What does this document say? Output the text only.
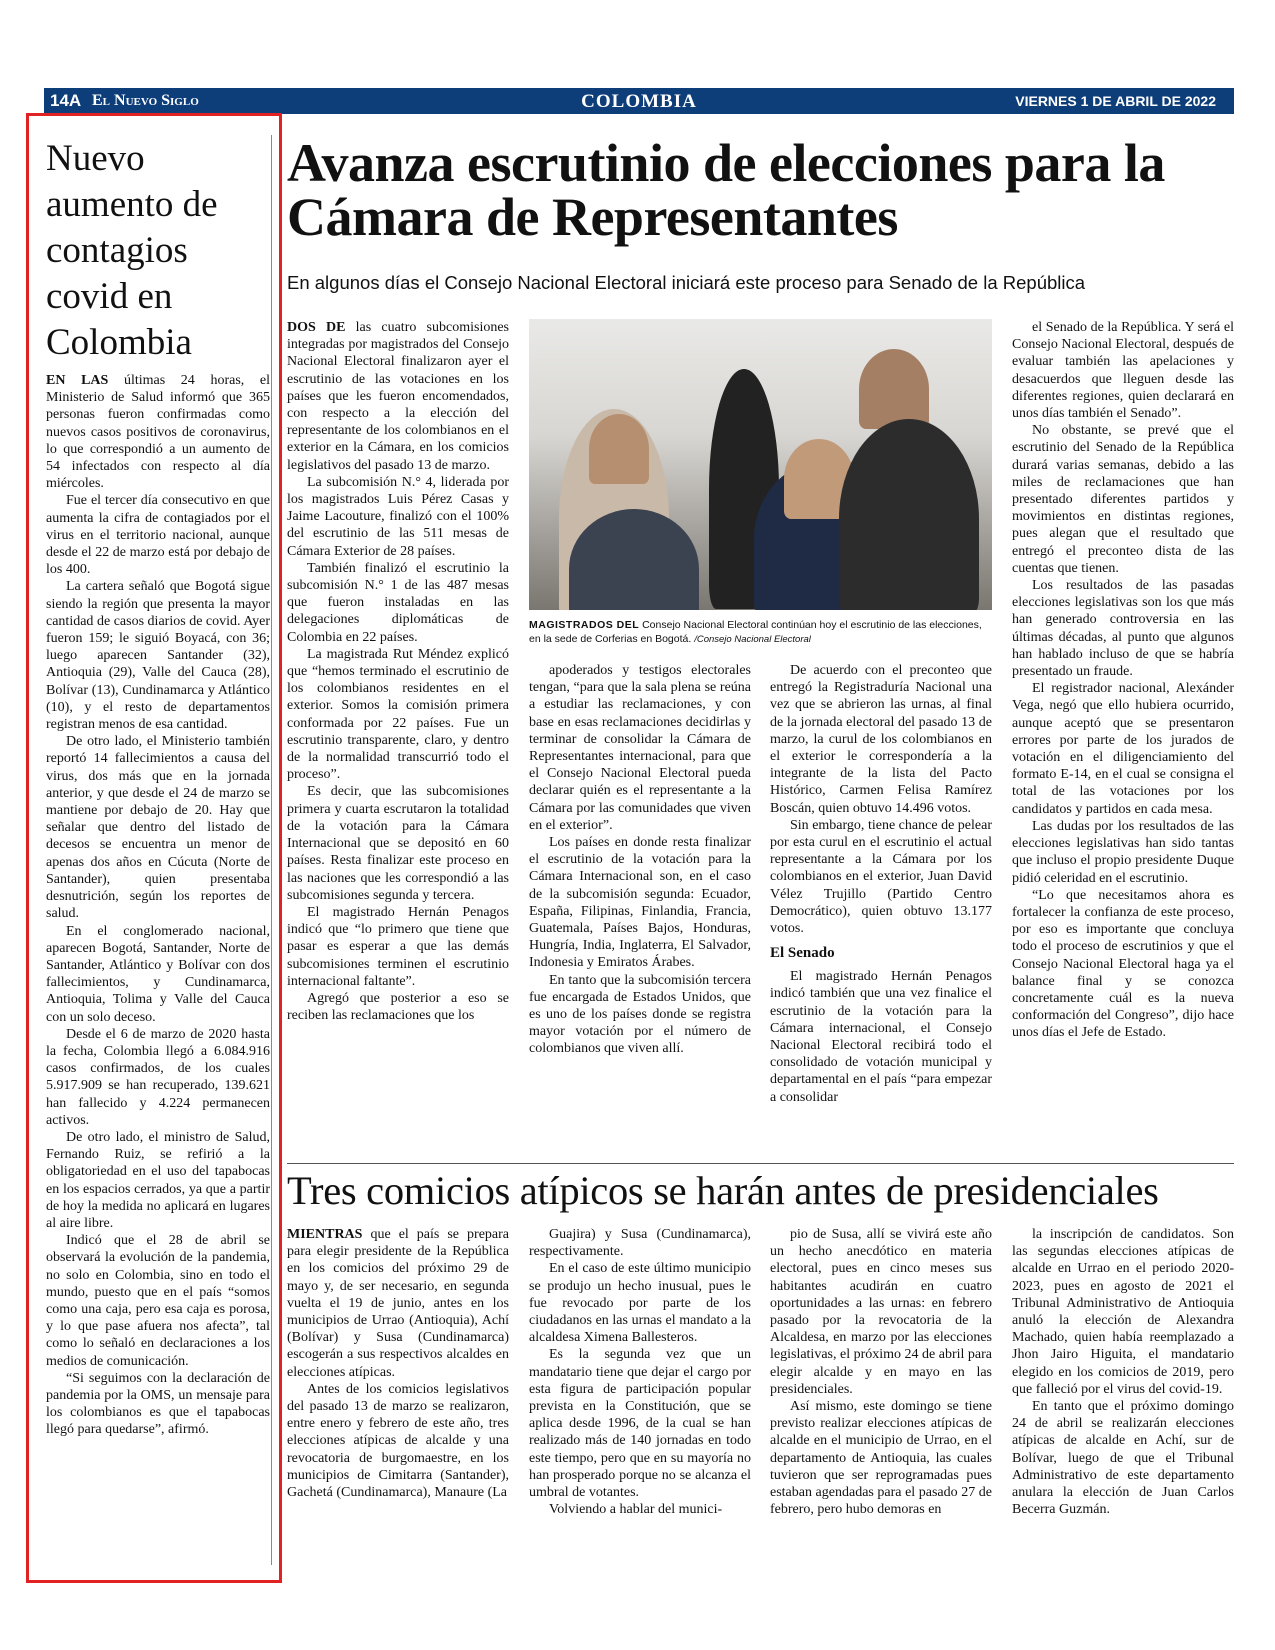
14A El Nuevo Siglo	COLOMBIA	VIERNES 1 DE ABRIL DE 2022
Nuevo aumento de contagios covid en Colombia

EN LAS últimas 24 horas, el Ministerio de Salud informó que 365 personas fueron confirmadas como nuevos casos positivos de coronavirus, lo que correspondió a un aumento de 54 infectados con respecto al día miércoles.

Fue el tercer día consecutivo en que aumenta la cifra de contagiados por el virus en el territorio nacional, aunque desde el 22 de marzo está por debajo de los 400.

La cartera señaló que Bogotá sigue siendo la región que presenta la mayor cantidad de casos diarios de covid. Ayer fueron 159; le siguió Boyacá, con 36; luego aparecen Santander (32), Antioquia (29), Valle del Cauca (28), Bolívar (13), Cundinamarca y Atlántico (10), y el resto de departamentos registran menos de esa cantidad.

De otro lado, el Ministerio también reportó 14 fallecimientos a causa del virus, dos más que en la jornada anterior, y que desde el 24 de marzo se mantiene por debajo de 20. Hay que señalar que dentro del listado de decesos se encuentra un menor de apenas dos años en Cúcuta (Norte de Santander), quien presentaba desnutrición, según los reportes de salud.

En el conglomerado nacional, aparecen Bogotá, Santander, Norte de Santander, Atlántico y Bolívar con dos fallecimientos, y Cundinamarca, Antioquia, Tolima y Valle del Cauca con un solo deceso.

Desde el 6 de marzo de 2020 hasta la fecha, Colombia llegó a 6.084.916 casos confirmados, de los cuales 5.917.909 se han recuperado, 139.621 han fallecido y 4.224 permanecen activos.

De otro lado, el ministro de Salud, Fernando Ruiz, se refirió a la obligatoriedad en el uso del tapabocas en los espacios cerrados, ya que a partir de hoy la medida no aplicará en lugares al aire libre.

Indicó que el 28 de abril se observará la evolución de la pandemia, no solo en Colombia, sino en todo el mundo, puesto que en el país “somos como una caja, pero esa caja es porosa, y lo que pase afuera nos afecta”, tal como lo señaló en declaraciones a los medios de comunicación.

“Si seguimos con la declaración de pandemia por la OMS, un mensaje para los colombianos es que el tapabocas llegó para quedarse”, afirmó.

Avanza escrutinio de elecciones para la Cámara de Representantes
En algunos días el Consejo Nacional Electoral iniciará este proceso para Senado de la República

DOS DE las cuatro subcomisiones integradas por magistrados del Consejo Nacional Electoral finalizaron ayer el escrutinio de las votaciones en los países que les fueron encomendados, con respecto a la elección del representante de los colombianos en el exterior en la Cámara, en los comicios legislativos del pasado 13 de marzo.

La subcomisión N.° 4, liderada por los magistrados Luis Pérez Casas y Jaime Lacouture, finalizó con el 100% del escrutinio de las 511 mesas de Cámara Exterior de 28 países.

También finalizó el escrutinio la subcomisión N.° 1 de las 487 mesas que fueron instaladas en las delegaciones diplomáticas de Colombia en 22 países.

La magistrada Rut Méndez explicó que “hemos terminado el escrutinio de los colombianos residentes en el exterior. Somos la comisión primera conformada por 22 países. Fue un escrutinio transparente, claro, y dentro de la normalidad transcurrió todo el proceso”.

Es decir, que las subcomisiones primera y cuarta escrutaron la totalidad de la votación para la Cámara Internacional que se depositó en 60 países. Resta finalizar este proceso en las naciones que les correspondió a las subcomisiones segunda y tercera.

El magistrado Hernán Penagos indicó que “lo primero que tiene que pasar es esperar a que las demás subcomisiones terminen el escrutinio internacional faltante”.

Agregó que posterior a eso se reciben las reclamaciones que los

MAGISTRADOS DEL Consejo Nacional Electoral continúan hoy el escrutinio de las elecciones, en la sede de Corferias en Bogotá. /Consejo Nacional Electoral

apoderados y testigos electorales tengan, “para que la sala plena se reúna a estudiar las reclamaciones, y con base en esas reclamaciones decidirlas y terminar de consolidar la Cámara de Representantes internacional, para que el Consejo Nacional Electoral pueda declarar quién es el representante a la Cámara por las comunidades que viven en el exterior”.

Los países en donde resta finalizar el escrutinio de la votación para la Cámara Internacional son, en el caso de la subcomisión segunda: Ecuador, España, Filipinas, Finlandia, Francia, Guatemala, Países Bajos, Honduras, Hungría, India, Inglaterra, El Salvador, Indonesia y Emiratos Árabes.

En tanto que la subcomisión tercera fue encargada de Estados Unidos, que es uno de los países donde se registra mayor votación por el número de colombianos que viven allí.

De acuerdo con el preconteo que entregó la Registraduría Nacional una vez que se abrieron las urnas, al final de la jornada electoral del pasado 13 de marzo, la curul de los colombianos en el exterior le correspondería a la integrante de la lista del Pacto Histórico, Carmen Felisa Ramírez Boscán, quien obtuvo 14.496 votos.

Sin embargo, tiene chance de pelear por esta curul en el escrutinio el actual representante a la Cámara por los colombianos en el exterior, Juan David Vélez Trujillo (Partido Centro Democrático), quien obtuvo 13.177 votos.

El Senado

El magistrado Hernán Penagos indicó también que una vez finalice el escrutinio de la votación para la Cámara internacional, el Consejo Nacional Electoral recibirá todo el consolidado de votación municipal y departamental en el país “para empezar a consolidar

el Senado de la República. Y será el Consejo Nacional Electoral, después de evaluar también las apelaciones y desacuerdos que lleguen desde las diferentes regiones, quien declarará en unos días también el Senado”.

No obstante, se prevé que el escrutinio del Senado de la República durará varias semanas, debido a las miles de reclamaciones que han presentado diferentes partidos y movimientos en distintas regiones, pues alegan que el resultado que entregó el preconteo dista de las cuentas que tienen.

Los resultados de las pasadas elecciones legislativas son los que más han generado controversia en las últimas décadas, al punto que algunos han hablado incluso de que se habría presentado un fraude.

El registrador nacional, Alexánder Vega, negó que ello hubiera ocurrido, aunque aceptó que se presentaron errores por parte de los jurados de votación en el diligenciamiento del formato E-14, en el cual se consigna el total de las votaciones por los candidatos y partidos en cada mesa.

Las dudas por los resultados de las elecciones legislativas han sido tantas que incluso el propio presidente Duque pidió celeridad en el escrutinio.

“Lo que necesitamos ahora es fortalecer la confianza de este proceso, por eso es importante que concluya todo el proceso de escrutinios y que el Consejo Nacional Electoral haga ya el balance final y se conozca concretamente cuál es la nueva conformación del Congreso”, dijo hace unos días el Jefe de Estado.

Tres comicios atípicos se harán antes de presidenciales

MIENTRAS que el país se prepara para elegir presidente de la República en los comicios del próximo 29 de mayo y, de ser necesario, en segunda vuelta el 19 de junio, antes en los municipios de Urrao (Antioquia), Achí (Bolívar) y Susa (Cundinamarca) escogerán a sus respectivos alcaldes en elecciones atípicas.

Antes de los comicios legislativos del pasado 13 de marzo se realizaron, entre enero y febrero de este año, tres elecciones atípicas de alcalde y una revocatoria de burgomaestre, en los municipios de Cimitarra (Santander), Gachetá (Cundinamarca), Manaure (La

Guajira) y Susa (Cundinamarca), respectivamente.

En el caso de este último municipio se produjo un hecho inusual, pues le fue revocado por parte de los ciudadanos en las urnas el mandato a la alcaldesa Ximena Ballesteros.

Es la segunda vez que un mandatario tiene que dejar el cargo por esta figura de participación popular prevista en la Constitución, que se aplica desde 1996, de la cual se han realizado más de 140 jornadas en todo este tiempo, pero que en su mayoría no han prosperado porque no se alcanza el umbral de votantes.

Volviendo a hablar del munici-

pio de Susa, allí se vivirá este año un hecho anecdótico en materia electoral, pues en cinco meses sus habitantes acudirán en cuatro oportunidades a las urnas: en febrero pasado por la revocatoria de la Alcaldesa, en marzo por las elecciones legislativas, el próximo 24 de abril para elegir alcalde y en mayo en las presidenciales.

Así mismo, este domingo se tiene previsto realizar elecciones atípicas de alcalde en el municipio de Urrao, en el departamento de Antioquia, las cuales tuvieron que ser reprogramadas pues estaban agendadas para el pasado 27 de febrero, pero hubo demoras en

la inscripción de candidatos. Son las segundas elecciones atípicas de alcalde en Urrao en el periodo 2020-2023, pues en agosto de 2021 el Tribunal Administrativo de Antioquia anuló la elección de Alexandra Machado, quien había reemplazado a Jhon Jairo Higuita, el mandatario elegido en los comicios de 2019, pero que falleció por el virus del covid-19.

En tanto que el próximo domingo 24 de abril se realizarán elecciones atípicas de alcalde en Achí, sur de Bolívar, luego de que el Tribunal Administrativo de este departamento anulara la elección de Juan Carlos Becerra Guzmán.
